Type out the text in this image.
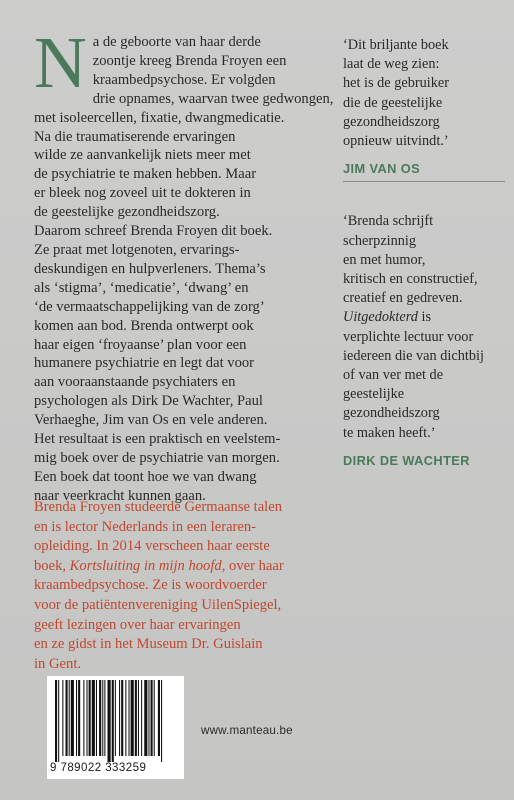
N a de geboorte van haar derde
zoontje kreeg Brenda Froyen een
kraambedpsychose. Er volgden
drie opnames, waarvan twee gedwongen,
met isoleercellen, fixatie, dwangmedicatie.
Na die traumatiserende ervaringen
wilde ze aanvankelijk niets meer met
de psychiatrie te maken hebben. Maar
er bleek nog zoveel uit te dokteren in
de geestelijke gezondheidszorg.
Daarom schreef Brenda Froyen dit boek.
Ze praat met lotgenoten, ervarings-
deskundigen en hulpverleners. Thema’s
als ‘stigma’, ‘medicatie’, ‘dwang’ en
‘de vermaatschappelijking van de zorg’
komen aan bod. Brenda ontwerpt ook
haar eigen ‘froyaanse’ plan voor een
humanere psychiatrie en legt dat voor
aan vooraanstaande psychiaters en
psychologen als Dirk De Wachter, Paul
Verhaeghe, Jim van Os en vele anderen.
Het resultaat is een praktisch en veelstem-
mig boek over de psychiatrie van morgen.
Een boek dat toont hoe we van dwang
naar veerkracht kunnen gaan.
Brenda Froyen studeerde Germaanse talen
en is lector Nederlands in een leraren-
opleiding. In 2014 verscheen haar eerste
boek, Kortsluiting in mijn hoofd, over haar
kraambedpsychose. Ze is woordvoerder
voor de patiëntenvereniging UilenSpiegel,
geeft lezingen over haar ervaringen
en ze gidst in het Museum Dr. Guislain
in Gent.
‘Dit briljante boek
laat de weg zien:
het is de gebruiker
die de geestelijke
gezondheidszorg
opnieuw uitvindt.’
JIM VAN OS
‘Brenda schrijft
scherpzinnig
en met humor,
kritisch en constructief,
creatief en gedreven.
Uitgedokterd is
verplichte lectuur voor
iedereen die van dichtbij
of van ver met de
geestelijke
gezondheidszorg
te maken heeft.’
DIRK DE WACHTER
9 789022 333259
www.manteau.be
